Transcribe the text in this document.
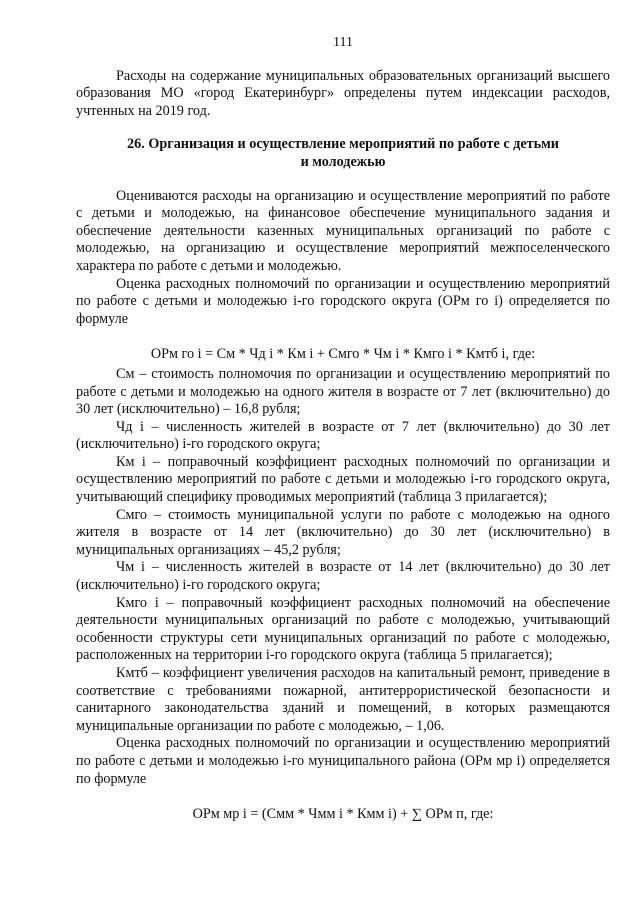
111

Расходы на содержание муниципальных образовательных организаций высшего образования МО «город Екатеринбург» определены путем индексации расходов, учтенных на 2019 год.

26. Организация и осуществление мероприятий по работе с детьми
и молодежью

Оцениваются расходы на организацию и осуществление мероприятий по работе с детьми и молодежью, на финансовое обеспечение муниципального задания и обеспечение деятельности казенных муниципальных организаций по работе с молодежью, на организацию и осуществление мероприятий межпоселенческого характера по работе с детьми и молодежью.

Оценка расходных полномочий по организации и осуществлению мероприятий по работе с детьми и молодежью i-го городского округа (ОРм го i) определяется по формуле

ОРм го i = См * Чд i * Км i + Смго * Чм i * Кмго i * Кмтб i, где:

См – стоимость полномочия по организации и осуществлению мероприятий по работе с детьми и молодежью на одного жителя в возрасте от 7 лет (включительно) до 30 лет (исключительно) – 16,8 рубля;

Чд i – численность жителей в возрасте от 7 лет (включительно) до 30 лет (исключительно) i-го городского округа;

Км i – поправочный коэффициент расходных полномочий по организации и осуществлению мероприятий по работе с детьми и молодежью i-го городского округа, учитывающий специфику проводимых мероприятий (таблица 3 прилагается);

Смго – стоимость муниципальной услуги по работе с молодежью на одного жителя в возрасте от 14 лет (включительно) до 30 лет (исключительно) в муниципальных организациях – 45,2 рубля;

Чм i – численность жителей в возрасте от 14 лет (включительно) до 30 лет (исключительно) i-го городского округа;

Кмго i – поправочный коэффициент расходных полномочий на обеспечение деятельности муниципальных организаций по работе с молодежью, учитывающий особенности структуры сети муниципальных организаций по работе с молодежью, расположенных на территории i-го городского округа (таблица 5 прилагается);

Кмтб – коэффициент увеличения расходов на капитальный ремонт, приведение в соответствие с требованиями пожарной, антитеррористической безопасности и санитарного законодательства зданий и помещений, в которых размещаются муниципальные организации по работе с молодежью, – 1,06.

Оценка расходных полномочий по организации и осуществлению мероприятий по работе с детьми и молодежью i-го муниципального района (ОРм мр i) определяется по формуле

ОРм мр i = (Смм * Чмм i * Кмм i) + ∑ ОРм п, где:
